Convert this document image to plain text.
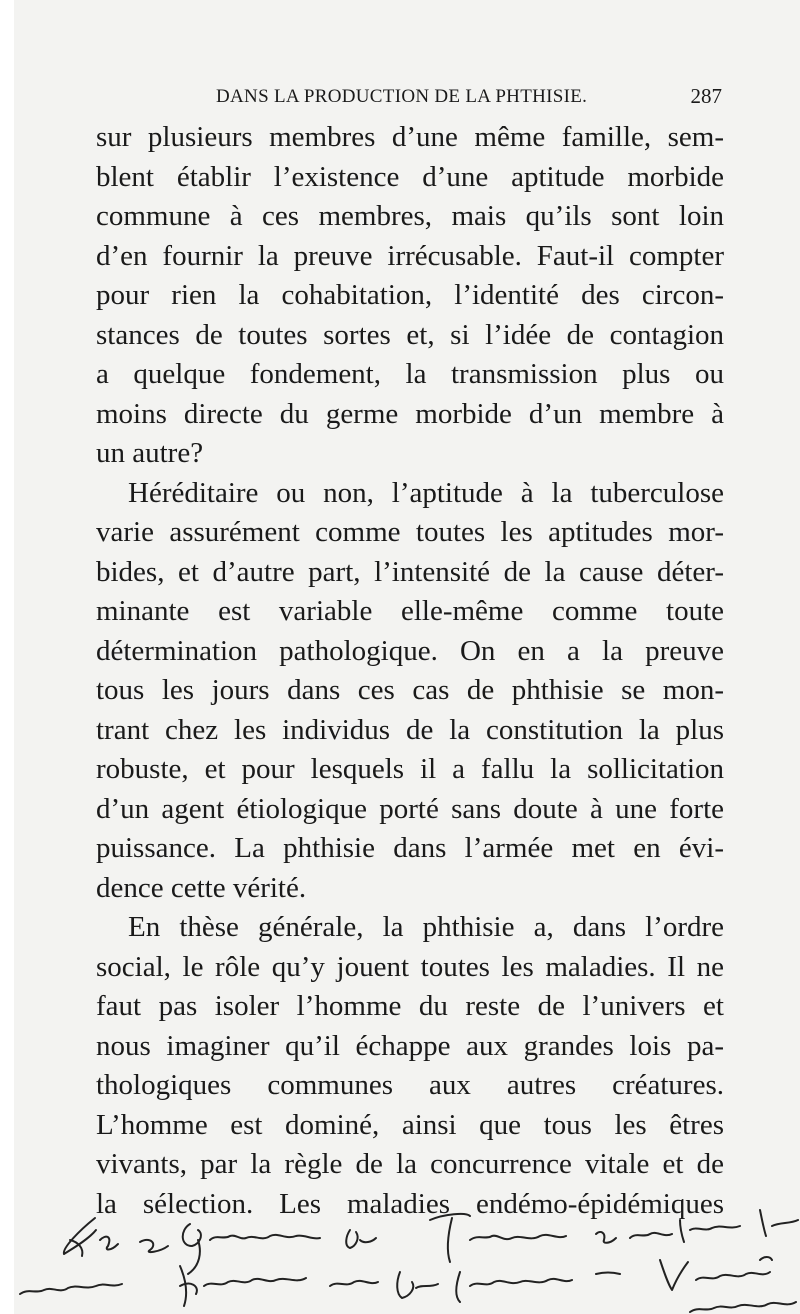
DANS LA PRODUCTION DE LA PHTHISIE.	287
sur plusieurs membres d’une même famille, sem-
blent établir l’existence d’une aptitude morbide
commune à ces membres, mais qu’ils sont loin
d’en fournir la preuve irrécusable. Faut-il compter
pour rien la cohabitation, l’identité des circon-
stances de toutes sortes et, si l’idée de contagion
a quelque fondement, la transmission plus ou
moins directe du germe morbide d’un membre à
un autre?
Héréditaire ou non, l’aptitude à la tuberculose
varie assurément comme toutes les aptitudes mor-
bides, et d’autre part, l’intensité de la cause déter-
minante est variable elle-même comme toute
détermination pathologique. On en a la preuve
tous les jours dans ces cas de phthisie se mon-
trant chez les individus de la constitution la plus
robuste, et pour lesquels il a fallu la sollicitation
d’un agent étiologique porté sans doute à une forte
puissance. La phthisie dans l’armée met en évi-
dence cette vérité.
En thèse générale, la phthisie a, dans l’ordre
social, le rôle qu’y jouent toutes les maladies. Il ne
faut pas isoler l’homme du reste de l’univers et
nous imaginer qu’il échappe aux grandes lois pa-
thologiques communes aux autres créatures.
L’homme est dominé, ainsi que tous les êtres
vivants, par la règle de la concurrence vitale et de
la sélection. Les maladies endémo-épidémiques
